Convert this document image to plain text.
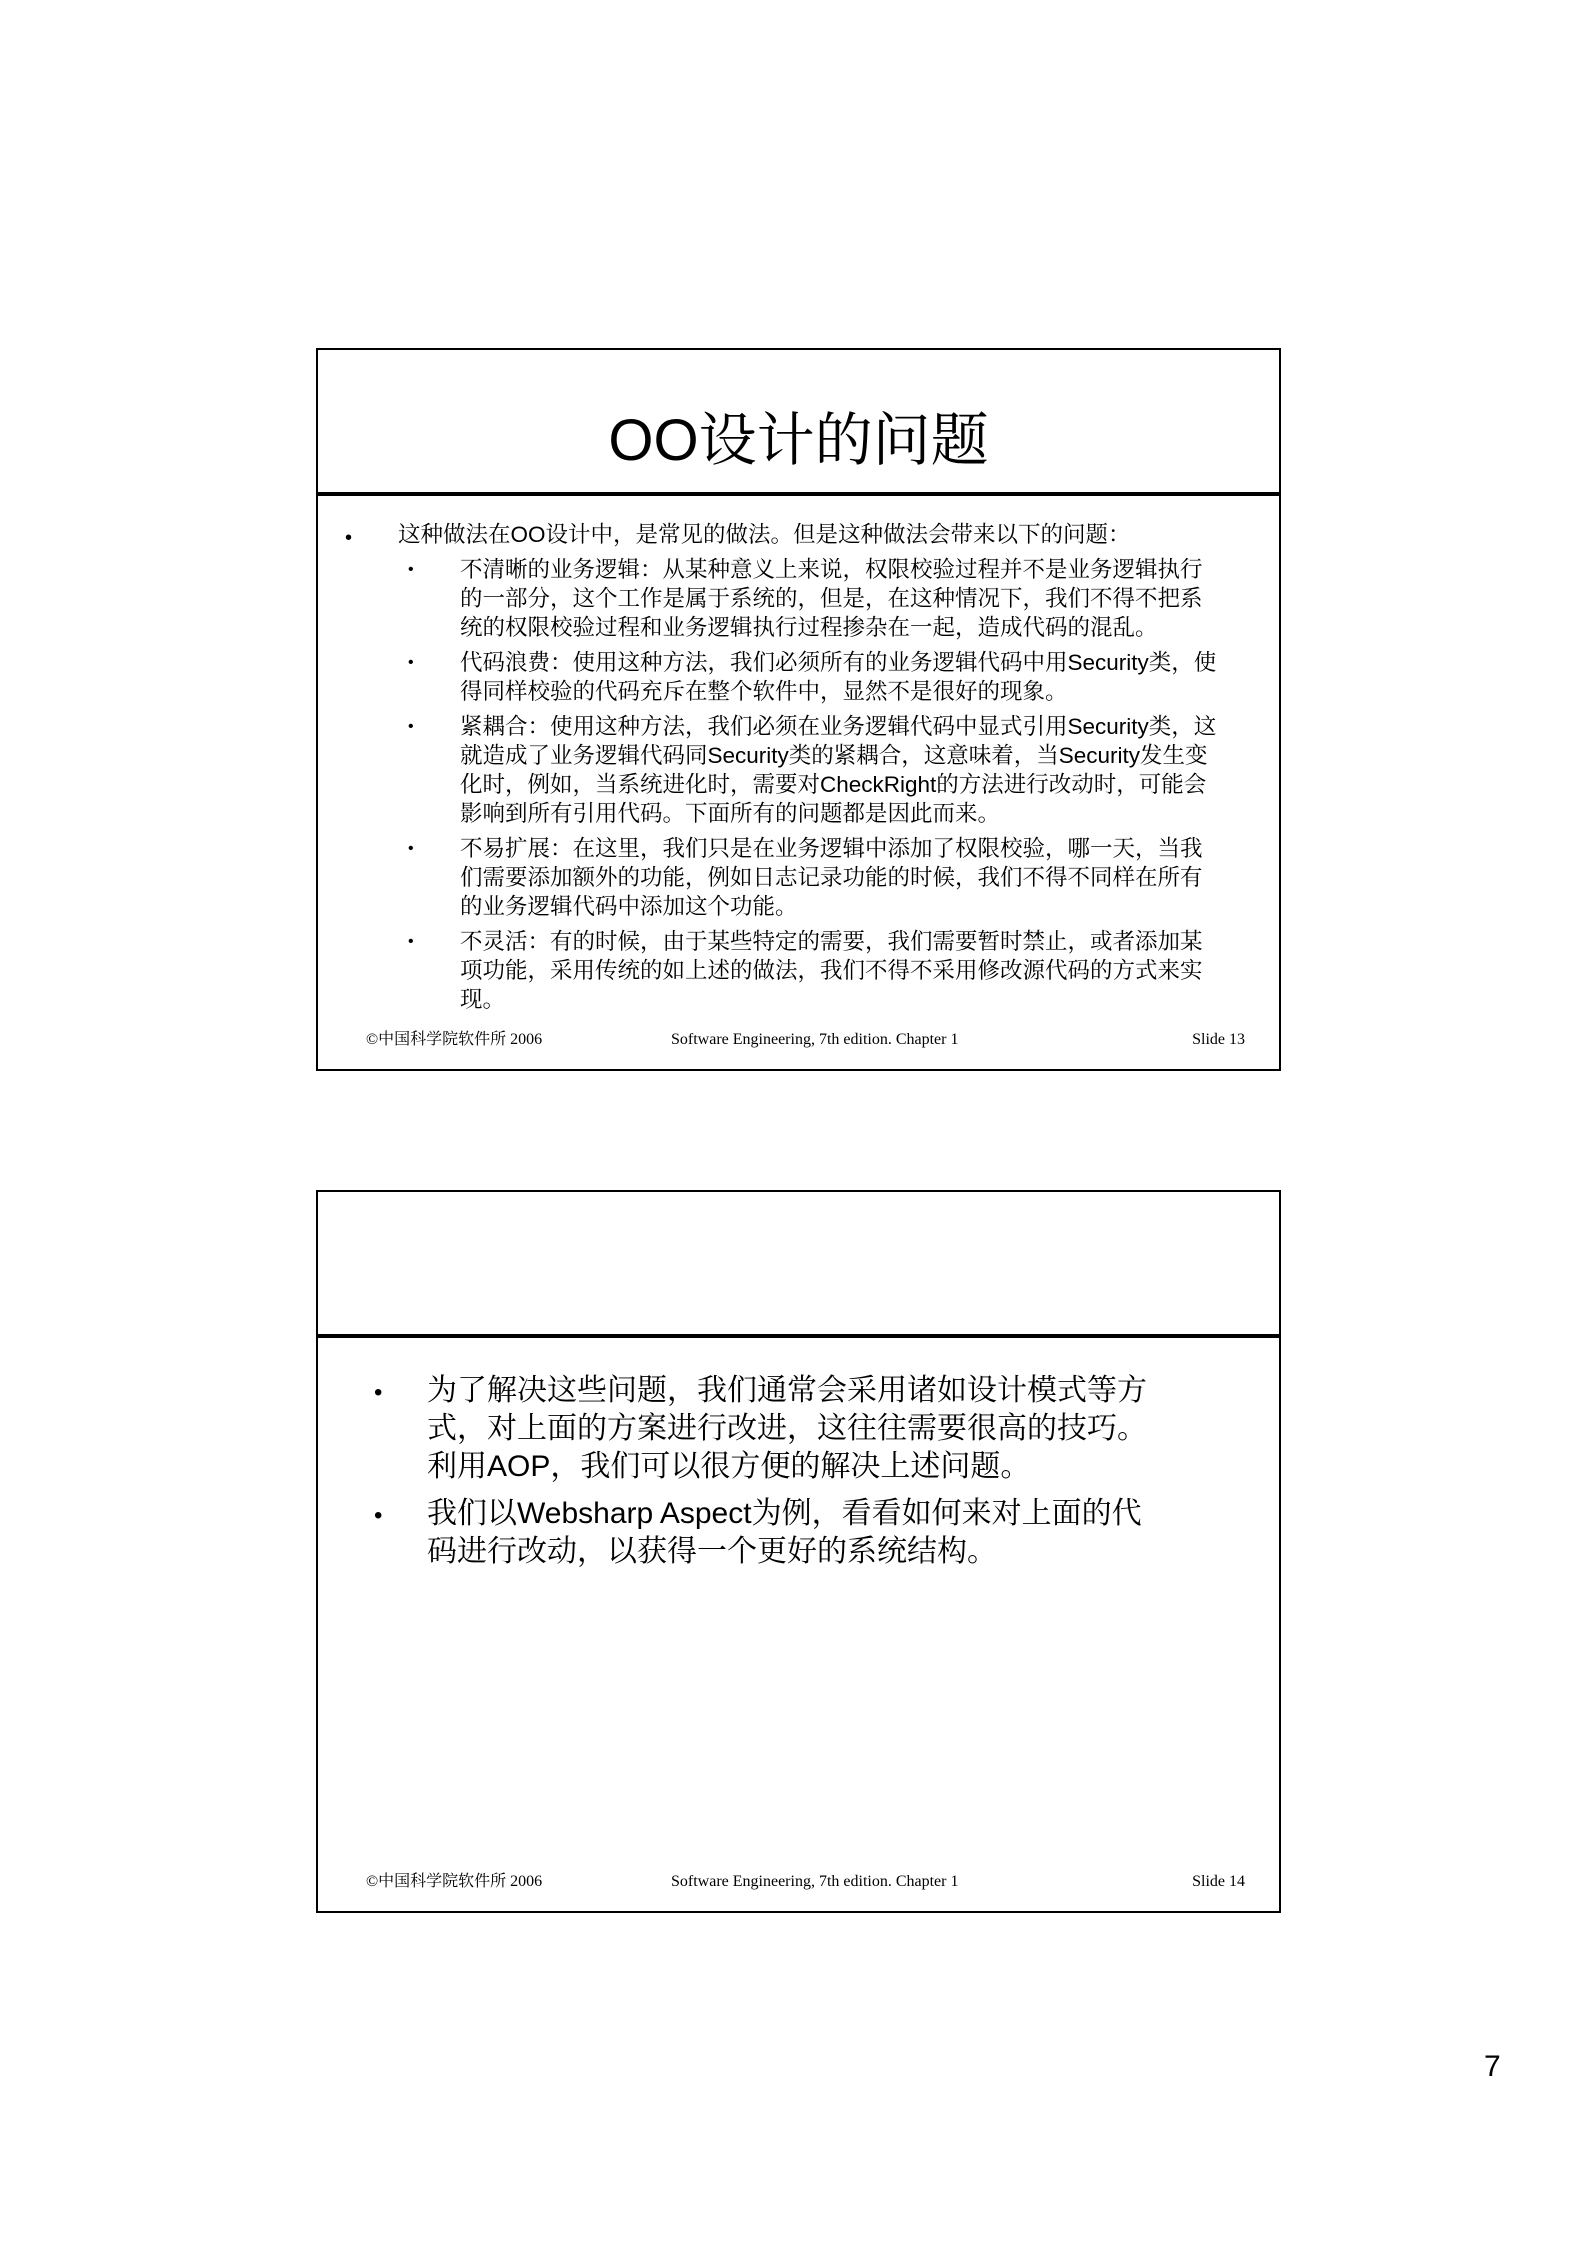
OO设计的问题
• 这种做法在OO设计中，是常见的做法。但是这种做法会带来以下的问题：
• 不清晰的业务逻辑：从某种意义上来说，权限校验过程并不是业务逻辑执行
的一部分，这个工作是属于系统的，但是，在这种情况下，我们不得不把系
统的权限校验过程和业务逻辑执行过程掺杂在一起，造成代码的混乱。
• 代码浪费：使用这种方法，我们必须所有的业务逻辑代码中用Security类，使
得同样校验的代码充斥在整个软件中，显然不是很好的现象。
• 紧耦合：使用这种方法，我们必须在业务逻辑代码中显式引用Security类，这
就造成了业务逻辑代码同Security类的紧耦合，这意味着，当Security发生变
化时，例如，当系统进化时，需要对CheckRight的方法进行改动时，可能会
影响到所有引用代码。下面所有的问题都是因此而来。
• 不易扩展：在这里，我们只是在业务逻辑中添加了权限校验，哪一天，当我
们需要添加额外的功能，例如日志记录功能的时候，我们不得不同样在所有
的业务逻辑代码中添加这个功能。
• 不灵活：有的时候，由于某些特定的需要，我们需要暂时禁止，或者添加某
项功能，采用传统的如上述的做法，我们不得不采用修改源代码的方式来实
现。
©中国科学院软件所 2006	Software Engineering, 7th edition. Chapter 1	Slide 13
• 为了解决这些问题，我们通常会采用诸如设计模式等方
式，对上面的方案进行改进，这往往需要很高的技巧。
利用AOP，我们可以很方便的解决上述问题。
• 我们以Websharp Aspect为例，看看如何来对上面的代
码进行改动，以获得一个更好的系统结构。
©中国科学院软件所 2006	Software Engineering, 7th edition. Chapter 1	Slide 14
7
